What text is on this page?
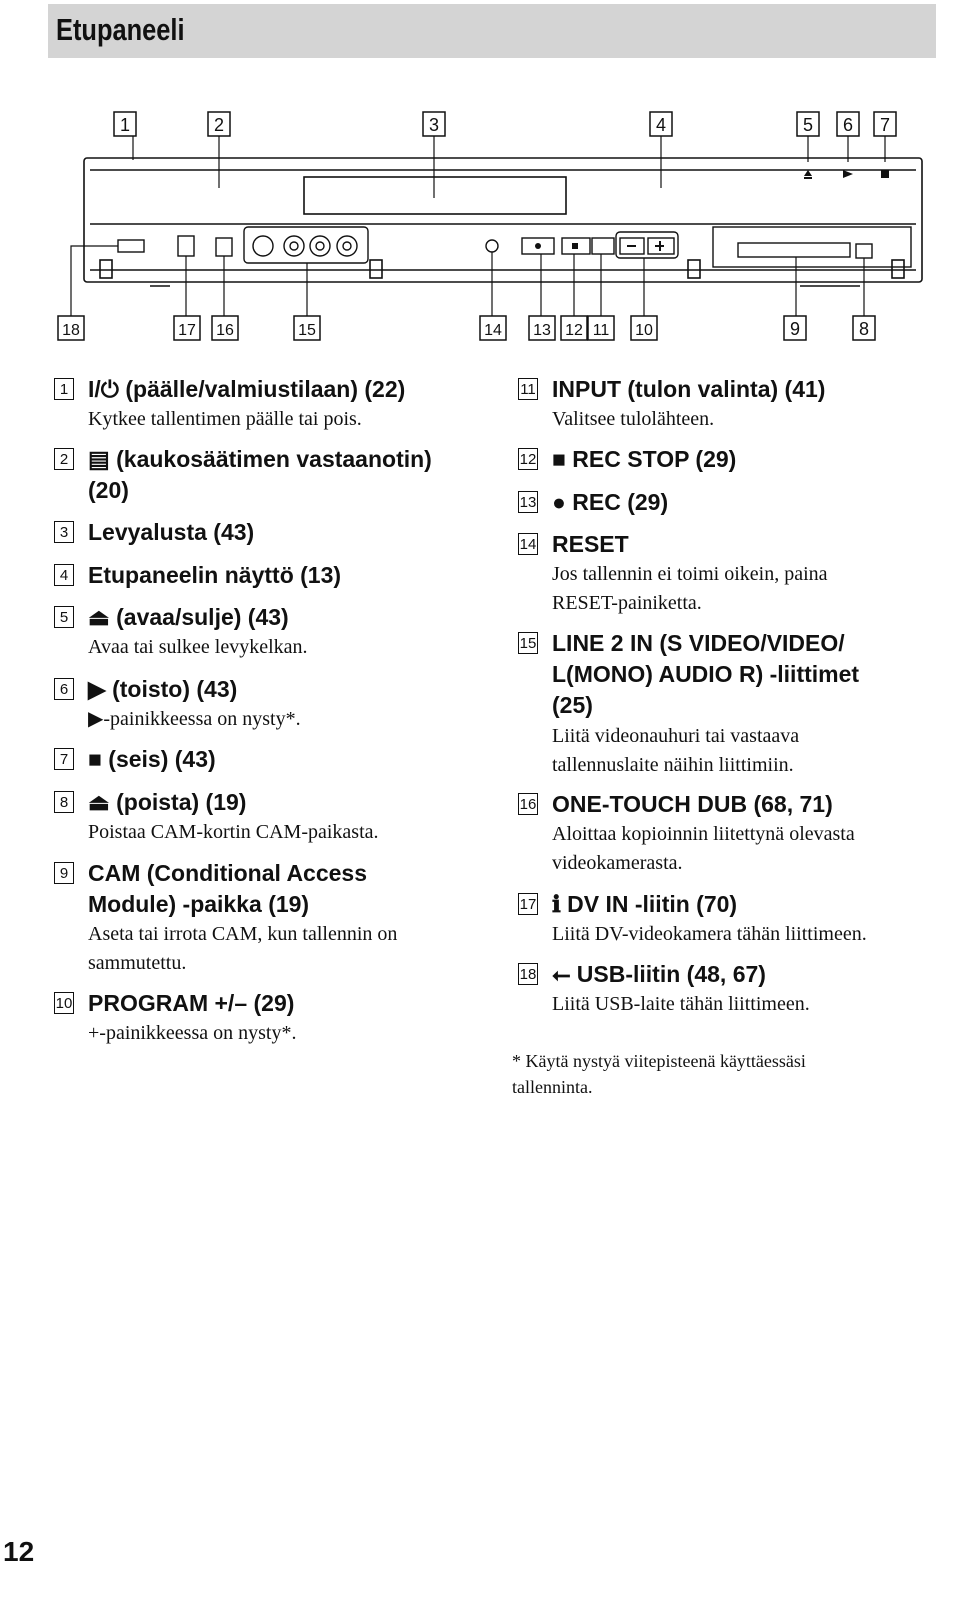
Etupaneeli
1	2	3	4	5 6 7
18	17 16	15	14 13 12 11 10	9	8
1 I/⏻ (päälle/valmiustilaan) (22)
Kytkee tallentimen päälle tai pois.
2 ▤ (kaukosäätimen vastaanotin)
(20)
3 Levyalusta (43)
4 Etupaneelin näyttö (13)
5 ⏏ (avaa/sulje) (43)
Avaa tai sulkee levykelkan.
6 ▶ (toisto) (43)
▶-painikkeessa on nysty*.
7 ■ (seis) (43)
8 ⏏ (poista) (19)
Poistaa CAM-kortin CAM-paikasta.
9 CAM (Conditional Access
Module) -paikka (19)
Aseta tai irrota CAM, kun tallennin on
sammutettu.
10 PROGRAM +/– (29)
+-painikkeessa on nysty*.
11 INPUT (tulon valinta) (41)
Valitsee tulolähteen.
12 ■ REC STOP (29)
13 ● REC (29)
14 RESET
Jos tallennin ei toimi oikein, paina
RESET-painiketta.
15 LINE 2 IN (S VIDEO/VIDEO/
L(MONO) AUDIO R) -liittimet
(25)
Liitä videonauhuri tai vastaava
tallennuslaite näihin liittimiin.
16 ONE-TOUCH DUB (68, 71)
Aloittaa kopioinnin liitettynä olevasta
videokamerasta.
17 ℹ DV IN -liitin (70)
Liitä DV-videokamera tähän liittimeen.
18 ⭠ USB-liitin (48, 67)
Liitä USB-laite tähän liittimeen.
* Käytä nystyä viitepisteenä käyttäessäsi
tallenninta.
12
